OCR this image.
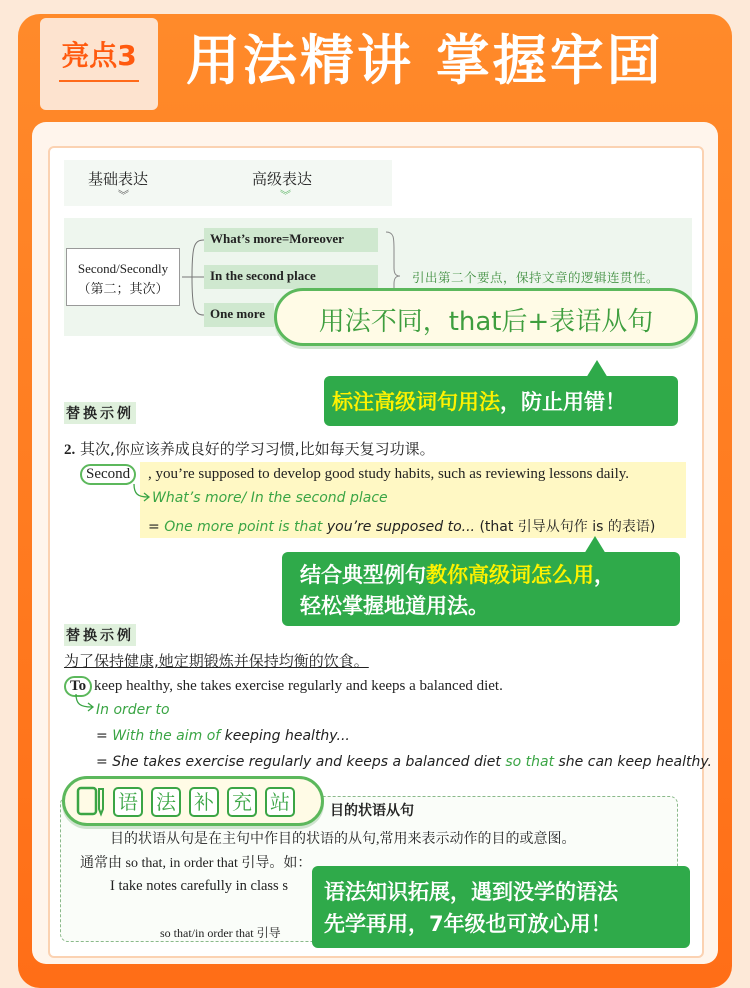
亮点3 用法精讲 掌握牢固
基础表达
︾
高级表达
︾
Second/Secondly
（第二；其次）
What’s more=Moreover
In the second place
One more
引出第二个要点，保持文章的逻辑连贯性。
用法不同，that后+表语从句
标注高级词句用法，防止用错！
替换示例
2. 其次,你应该养成良好的学习习惯,比如每天复习功课。
Second	, you’re supposed to develop good study habits, such as reviewing lessons daily.
What’s more/ In the second place
= One more point is that you’re supposed to... (that 引导从句作 is 的表语)
结合典型例句教你高级词怎么用，
轻松掌握地道用法。
替换示例
为了保持健康,她定期锻炼并保持均衡的饮食。
To keep healthy, she takes exercise regularly and keeps a balanced diet.
In order to
= With the aim of keeping healthy...
= She takes exercise regularly and keeps a balanced diet so that she can keep healthy.
语 法 补 充 站	目的状语从句
目的状语从句是在主句中作目的状语的从句,常用来表示动作的目的或意图。
通常由 so that, in order that 引导。如：
I take notes carefully in class s
so that/in order that 引导
语法知识拓展，遇到没学的语法
先学再用，7年级也可放心用！
